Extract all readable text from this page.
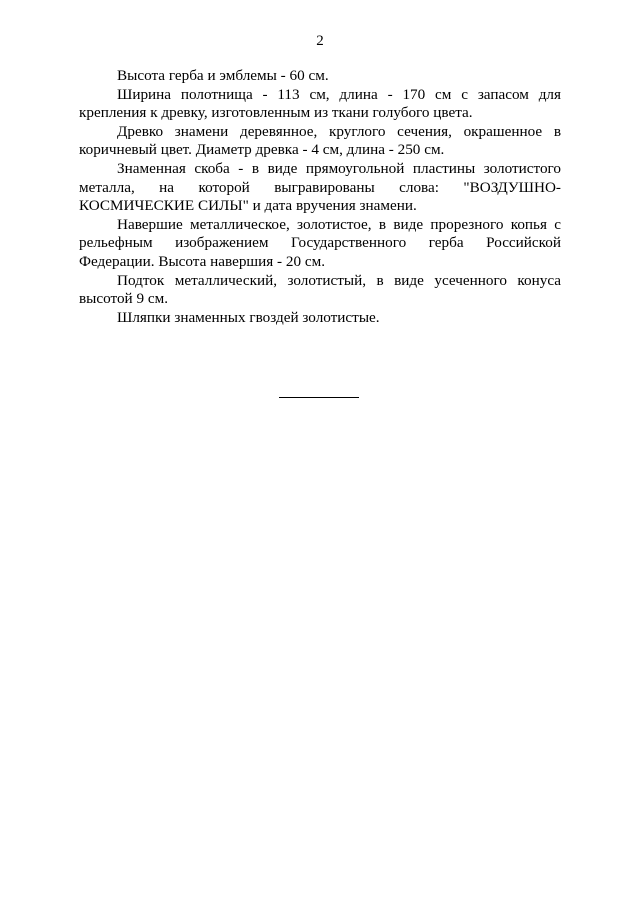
2

Высота герба и эмблемы - 60 см.

Ширина полотнища - 113 см, длина - 170 см с запасом для крепления к древку, изготовленным из ткани голубого цвета.

Древко знамени деревянное, круглого сечения, окрашенное в коричневый цвет. Диаметр древка - 4 см, длина - 250 см.

Знаменная скоба - в виде прямоугольной пластины золотистого металла, на которой выгравированы слова: "ВОЗДУШНО-КОСМИЧЕСКИЕ СИЛЫ" и дата вручения знамени.

Навершие металлическое, золотистое, в виде прорезного копья с рельефным изображением Государственного герба Российской Федерации. Высота навершия - 20 см.

Подток металлический, золотистый, в виде усеченного конуса высотой 9 см.

Шляпки знаменных гвоздей золотистые.
